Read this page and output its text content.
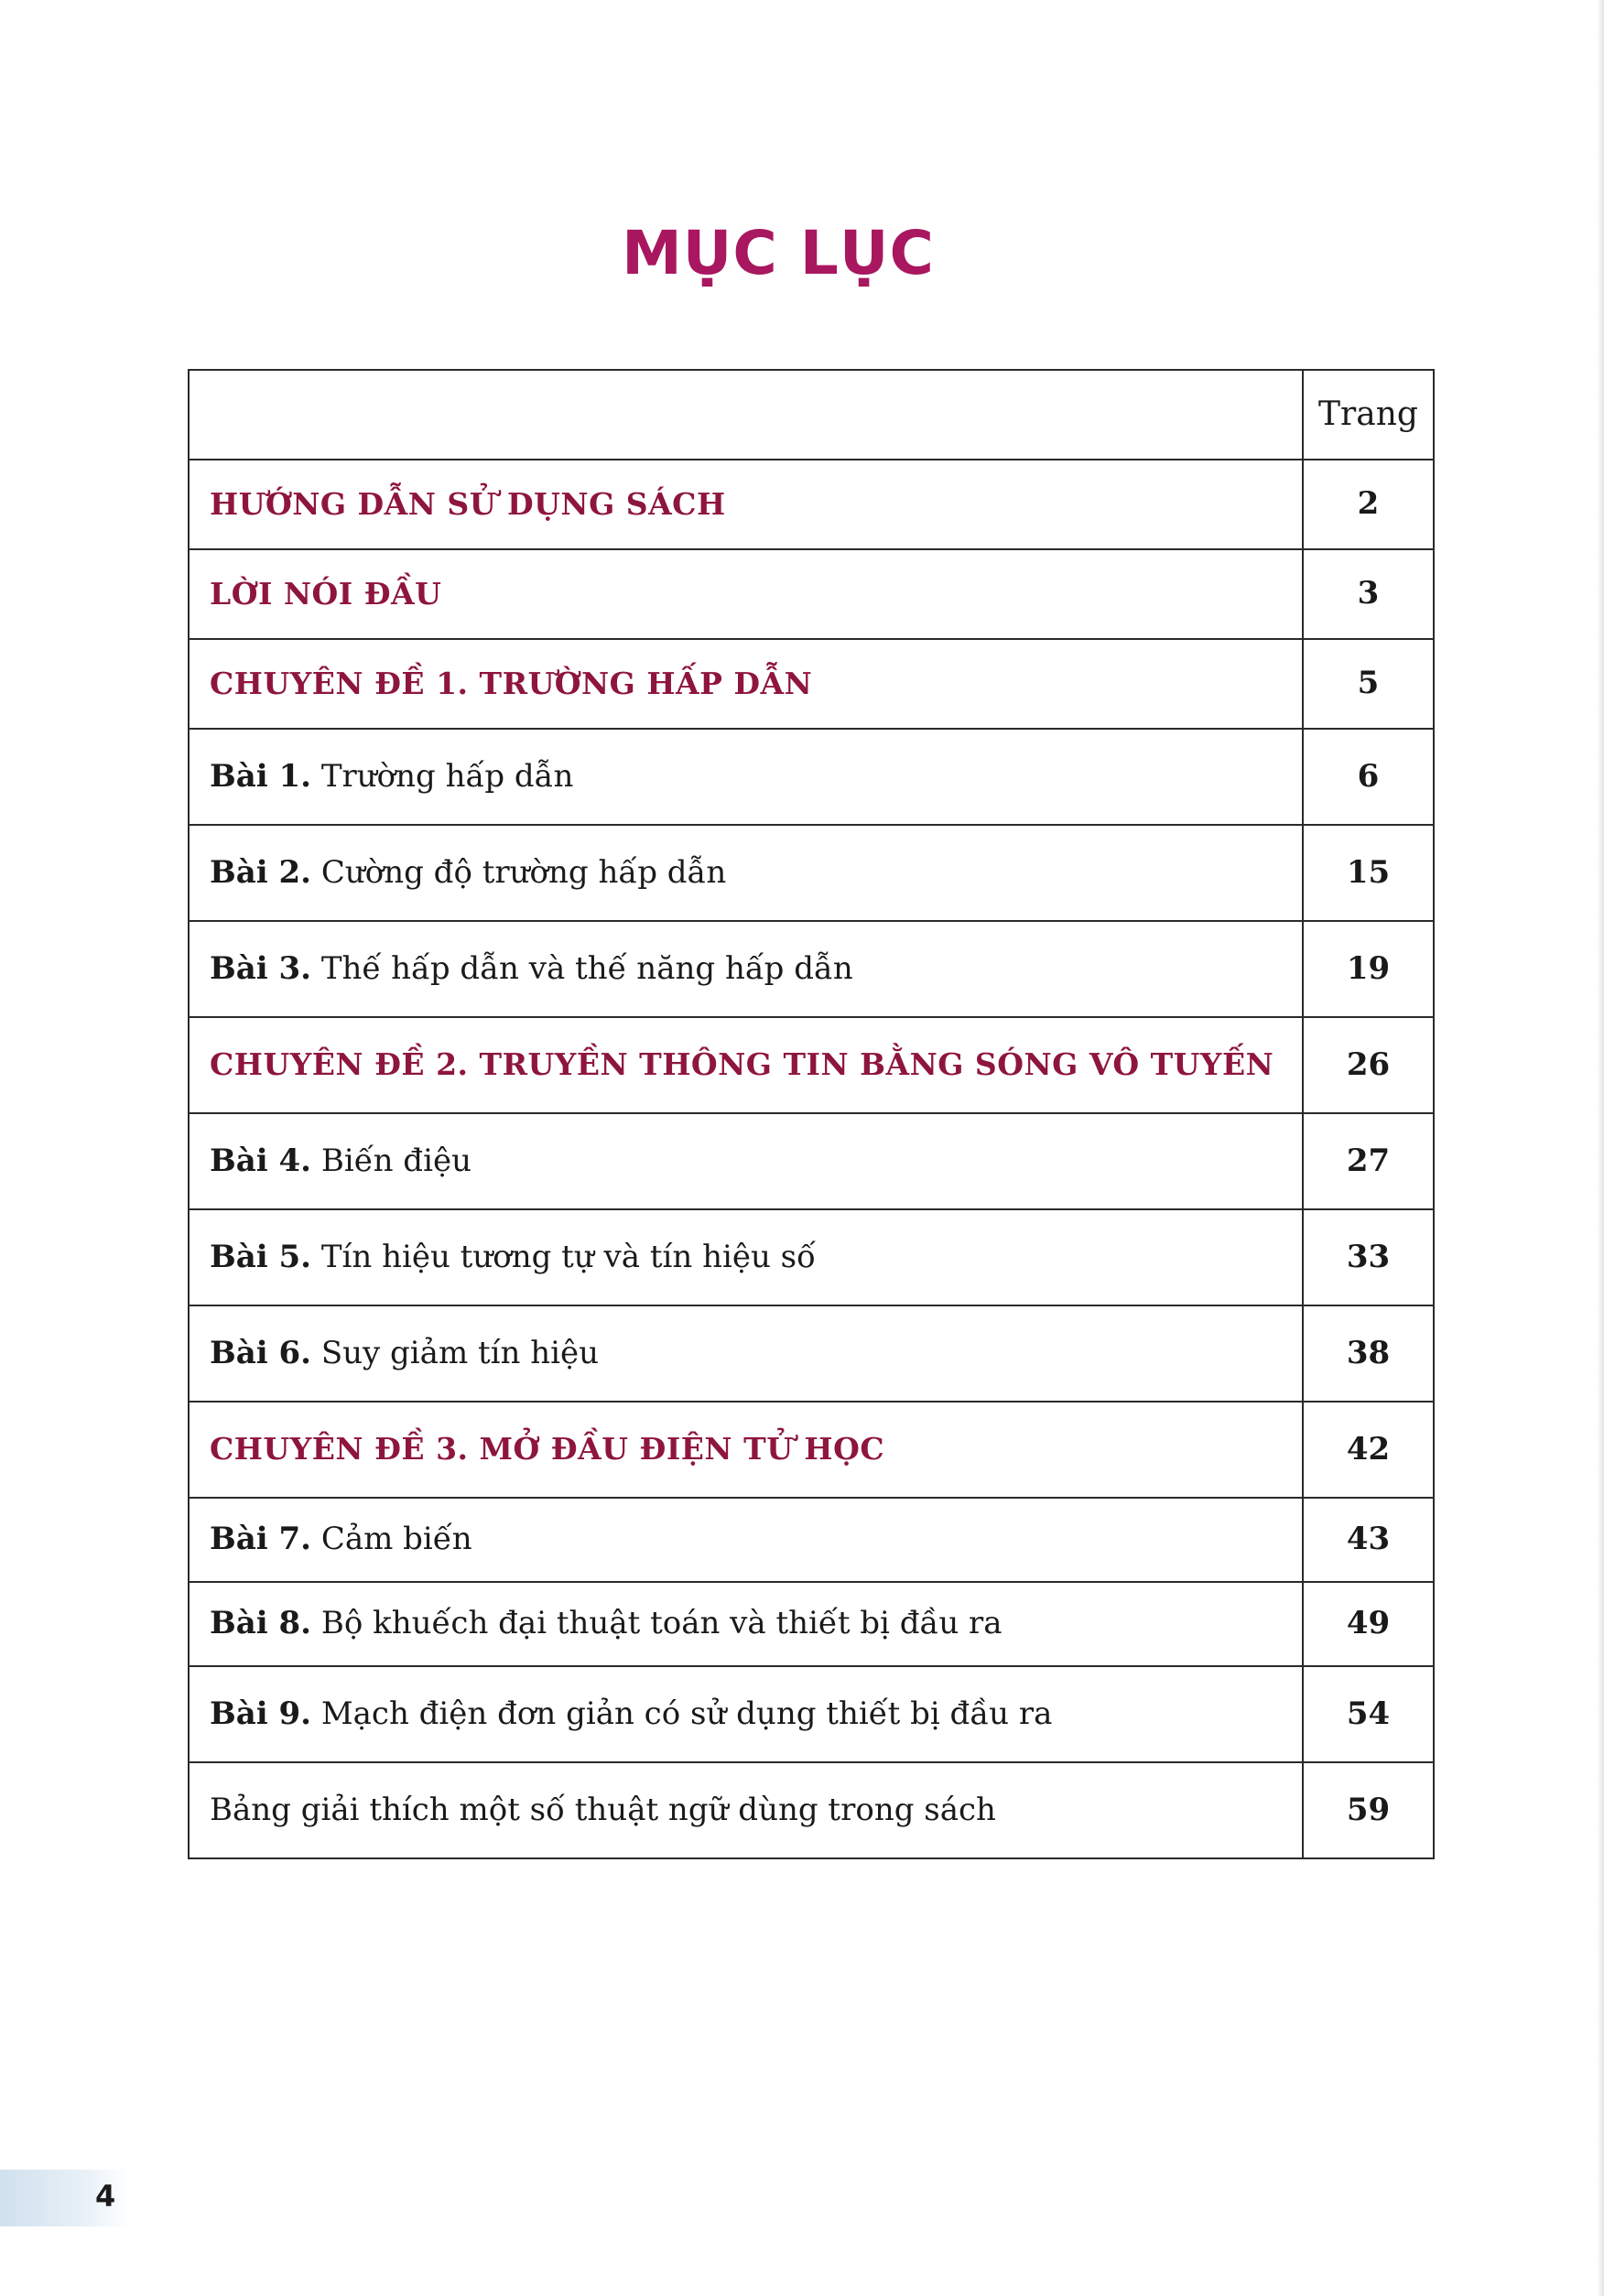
MỤC LỤC
	Trang
HƯỚNG DẪN SỬ DỤNG SÁCH	2
LỜI NÓI ĐẦU	3
CHUYÊN ĐỀ 1. TRƯỜNG HẤP DẪN	5
Bài 1. Trường hấp dẫn	6
Bài 2. Cường độ trường hấp dẫn	15
Bài 3. Thế hấp dẫn và thế năng hấp dẫn	19
CHUYÊN ĐỀ 2. TRUYỀN THÔNG TIN BẰNG SÓNG VÔ TUYẾN	26
Bài 4. Biến điệu	27
Bài 5. Tín hiệu tương tự và tín hiệu số	33
Bài 6. Suy giảm tín hiệu	38
CHUYÊN ĐỀ 3. MỞ ĐẦU ĐIỆN TỬ HỌC	42
Bài 7. Cảm biến	43
Bài 8. Bộ khuếch đại thuật toán và thiết bị đầu ra	49
Bài 9. Mạch điện đơn giản có sử dụng thiết bị đầu ra	54
Bảng giải thích một số thuật ngữ dùng trong sách	59
4
